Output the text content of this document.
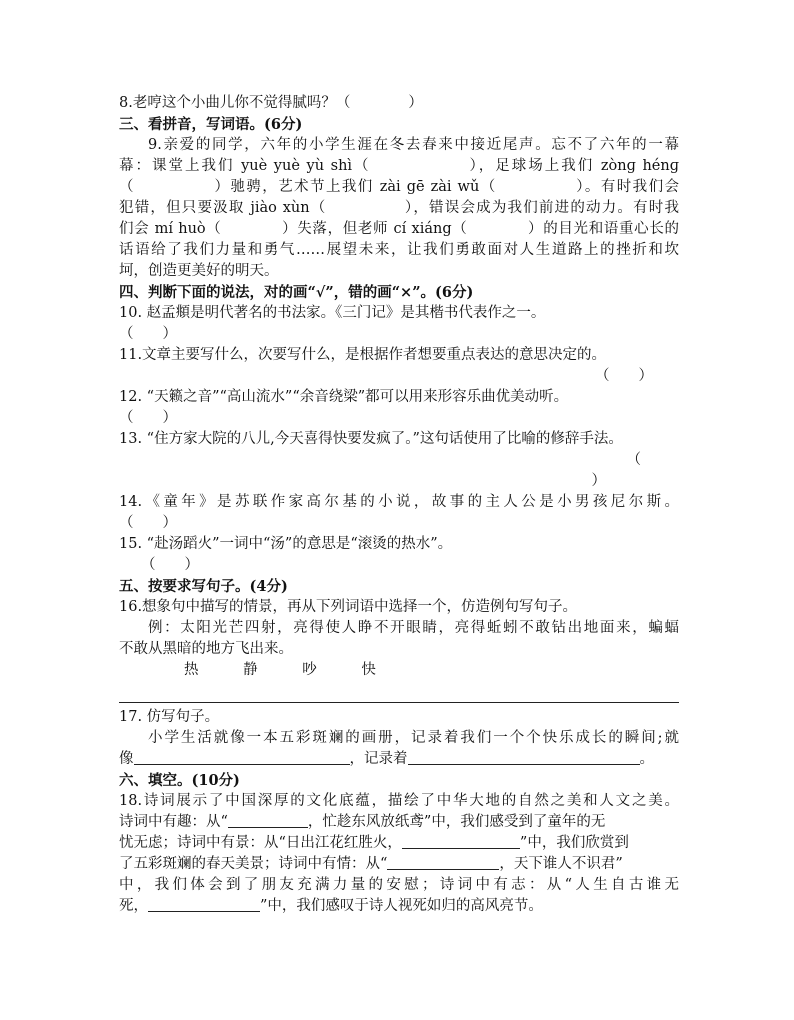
8.老哼这个小曲儿你不觉得腻吗？（　　　　）
三、看拼音，写词语。(6分)
9.亲爱的同学，六年的小学生涯在冬去春来中接近尾声。忘不了六年的一幕
幕：课堂上我们 yuè yuè yù shì（　　　　　　），足球场上我们 zònɡ hénɡ
（　　　　　）驰骋，艺术节上我们 zài gē zài wǔ（　　　　　）。有时我们会
犯错，但只要汲取 jiào xùn（　　　　　），错误会成为我们前进的动力。有时我
们会 mí huò（　　　　）失落，但老师 cí xiáng（　　　　）的目光和语重心长的
话语给了我们力量和勇气……展望未来，让我们勇敢面对人生道路上的挫折和坎
坷，创造更美好的明天。
四、判断下面的说法，对的画“√”，错的画“×”。(6分)
10. 赵孟頫是明代著名的书法家。《三门记》是其楷书代表作之一。
（　　）
11.文章主要写什么，次要写什么，是根据作者想要重点表达的意思决定的。
（　　）
12. “天籁之音”“高山流水”“余音绕梁”都可以用来形容乐曲优美动听。
（　　）
13. “住方家大院的八儿,今天喜得快要发疯了。”这句话使用了比喻的修辞手法。
（
）
14.《童年》是苏联作家高尔基的小说，故事的主人公是小男孩尼尔斯。
（　　）
15. “赴汤蹈火”一词中“汤”的意思是“滚烫的热水”。
（　　）
五、按要求写句子。(4分)
16.想象句中描写的情景，再从下列词语中选择一个，仿造例句写句子。
例：太阳光芒四射，亮得使人睁不开眼睛，亮得蚯蚓不敢钻出地面来，蝙蝠
不敢从黑暗的地方飞出来。
热	静	吵	快
17. 仿写句子。
小学生活就像一本五彩斑斓的画册，记录着我们一个个快乐成长的瞬间;就
像	，记录着	。
六、填空。(10分)
18.诗词展示了中国深厚的文化底蕴，描绘了中华大地的自然之美和人文之美。
诗词中有趣：从“	，忙趁东风放纸鸢”中，我们感受到了童年的无
忧无虑；诗词中有景：从“日出江花红胜火，	”中，我们欣赏到
了五彩斑斓的春天美景；诗词中有情：从“	，天下谁人不识君”
中，我们体会到了朋友充满力量的安慰；诗词中有志：从“人生自古谁无
死，	”中，我们感叹于诗人视死如归的高风亮节。
